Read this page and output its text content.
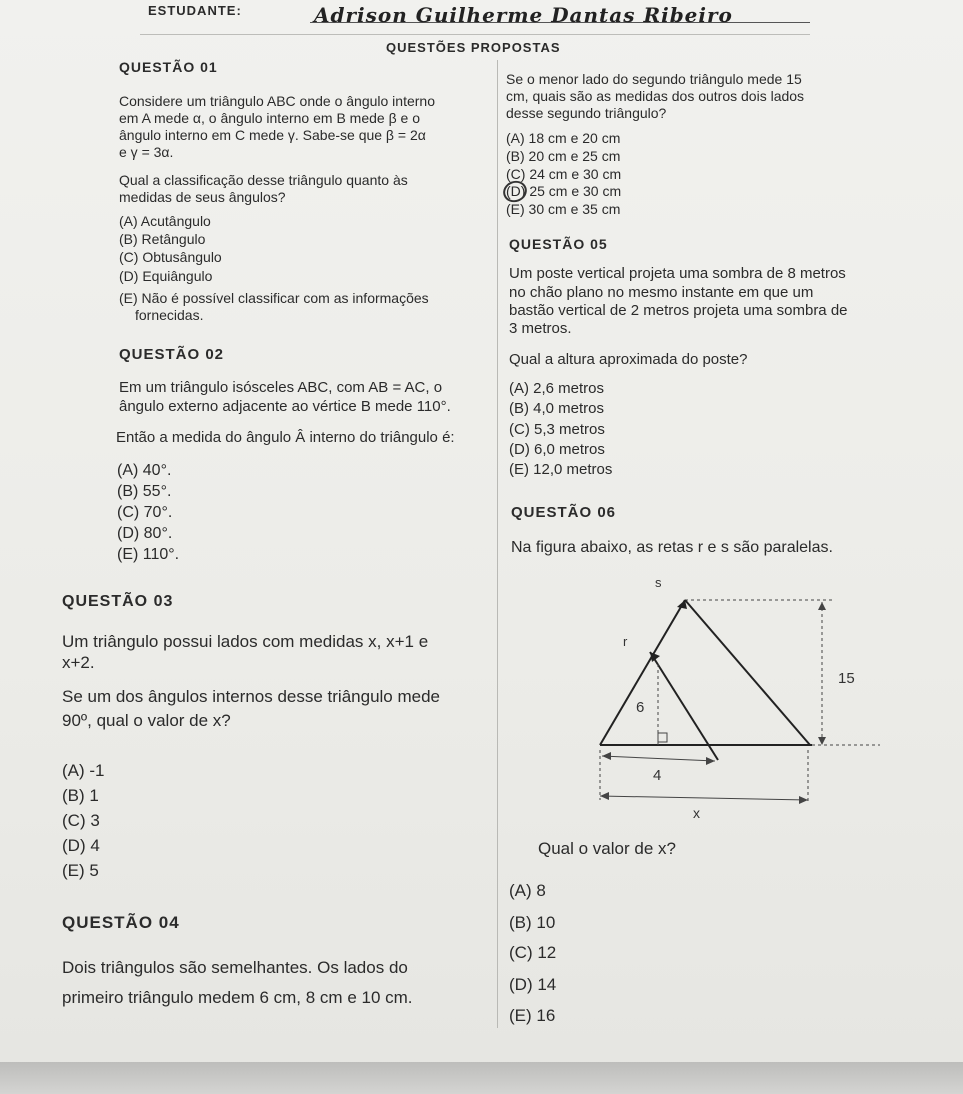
ESTUDANTE:	Adrison Guilherme Dantas Ribeiro
QUESTÕES PROPOSTAS
QUESTÃO 01
Considere um triângulo ABC onde o ângulo interno
em A mede α, o ângulo interno em B mede β e o
ângulo interno em C mede γ. Sabe-se que β = 2α
e γ = 3α.
Qual a classificação desse triângulo quanto às
medidas de seus ângulos?
(A) Acutângulo
(B) Retângulo
(C) Obtusângulo
(D) Equiângulo
(E) Não é possível classificar com as informações
fornecidas.
QUESTÃO 02
Em um triângulo isósceles ABC, com AB = AC, o
ângulo externo adjacente ao vértice B mede 110°.
Então a medida do ângulo Â interno do triângulo é:
(A) 40°.
(B) 55°.
(C) 70°.
(D) 80°.
(E) 110°.
QUESTÃO 03
Um triângulo possui lados com medidas x, x+1 e
x+2.
Se um dos ângulos internos desse triângulo mede
90º, qual o valor de x?
(A) -1
(B) 1
(C) 3
(D) 4
(E) 5
QUESTÃO 04
Dois triângulos são semelhantes. Os lados do
primeiro triângulo medem 6 cm, 8 cm e 10 cm.
Se o menor lado do segundo triângulo mede 15
cm, quais são as medidas dos outros dois lados
desse segundo triângulo?
(A) 18 cm e 20 cm
(B) 20 cm e 25 cm
(C) 24 cm e 30 cm
(D) 25 cm e 30 cm
(E) 30 cm e 35 cm
QUESTÃO 05
Um poste vertical projeta uma sombra de 8 metros
no chão plano no mesmo instante em que um
bastão vertical de 2 metros projeta uma sombra de
3 metros.
Qual a altura aproximada do poste?
(A) 2,6 metros
(B) 4,0 metros
(C) 5,3 metros
(D) 6,0 metros
(E) 12,0 metros
QUESTÃO 06
Na figura abaixo, as retas r e s são paralelas.
s
r
15
6
4
x
Qual o valor de x?
(A) 8
(B) 10
(C) 12
(D) 14
(E) 16
